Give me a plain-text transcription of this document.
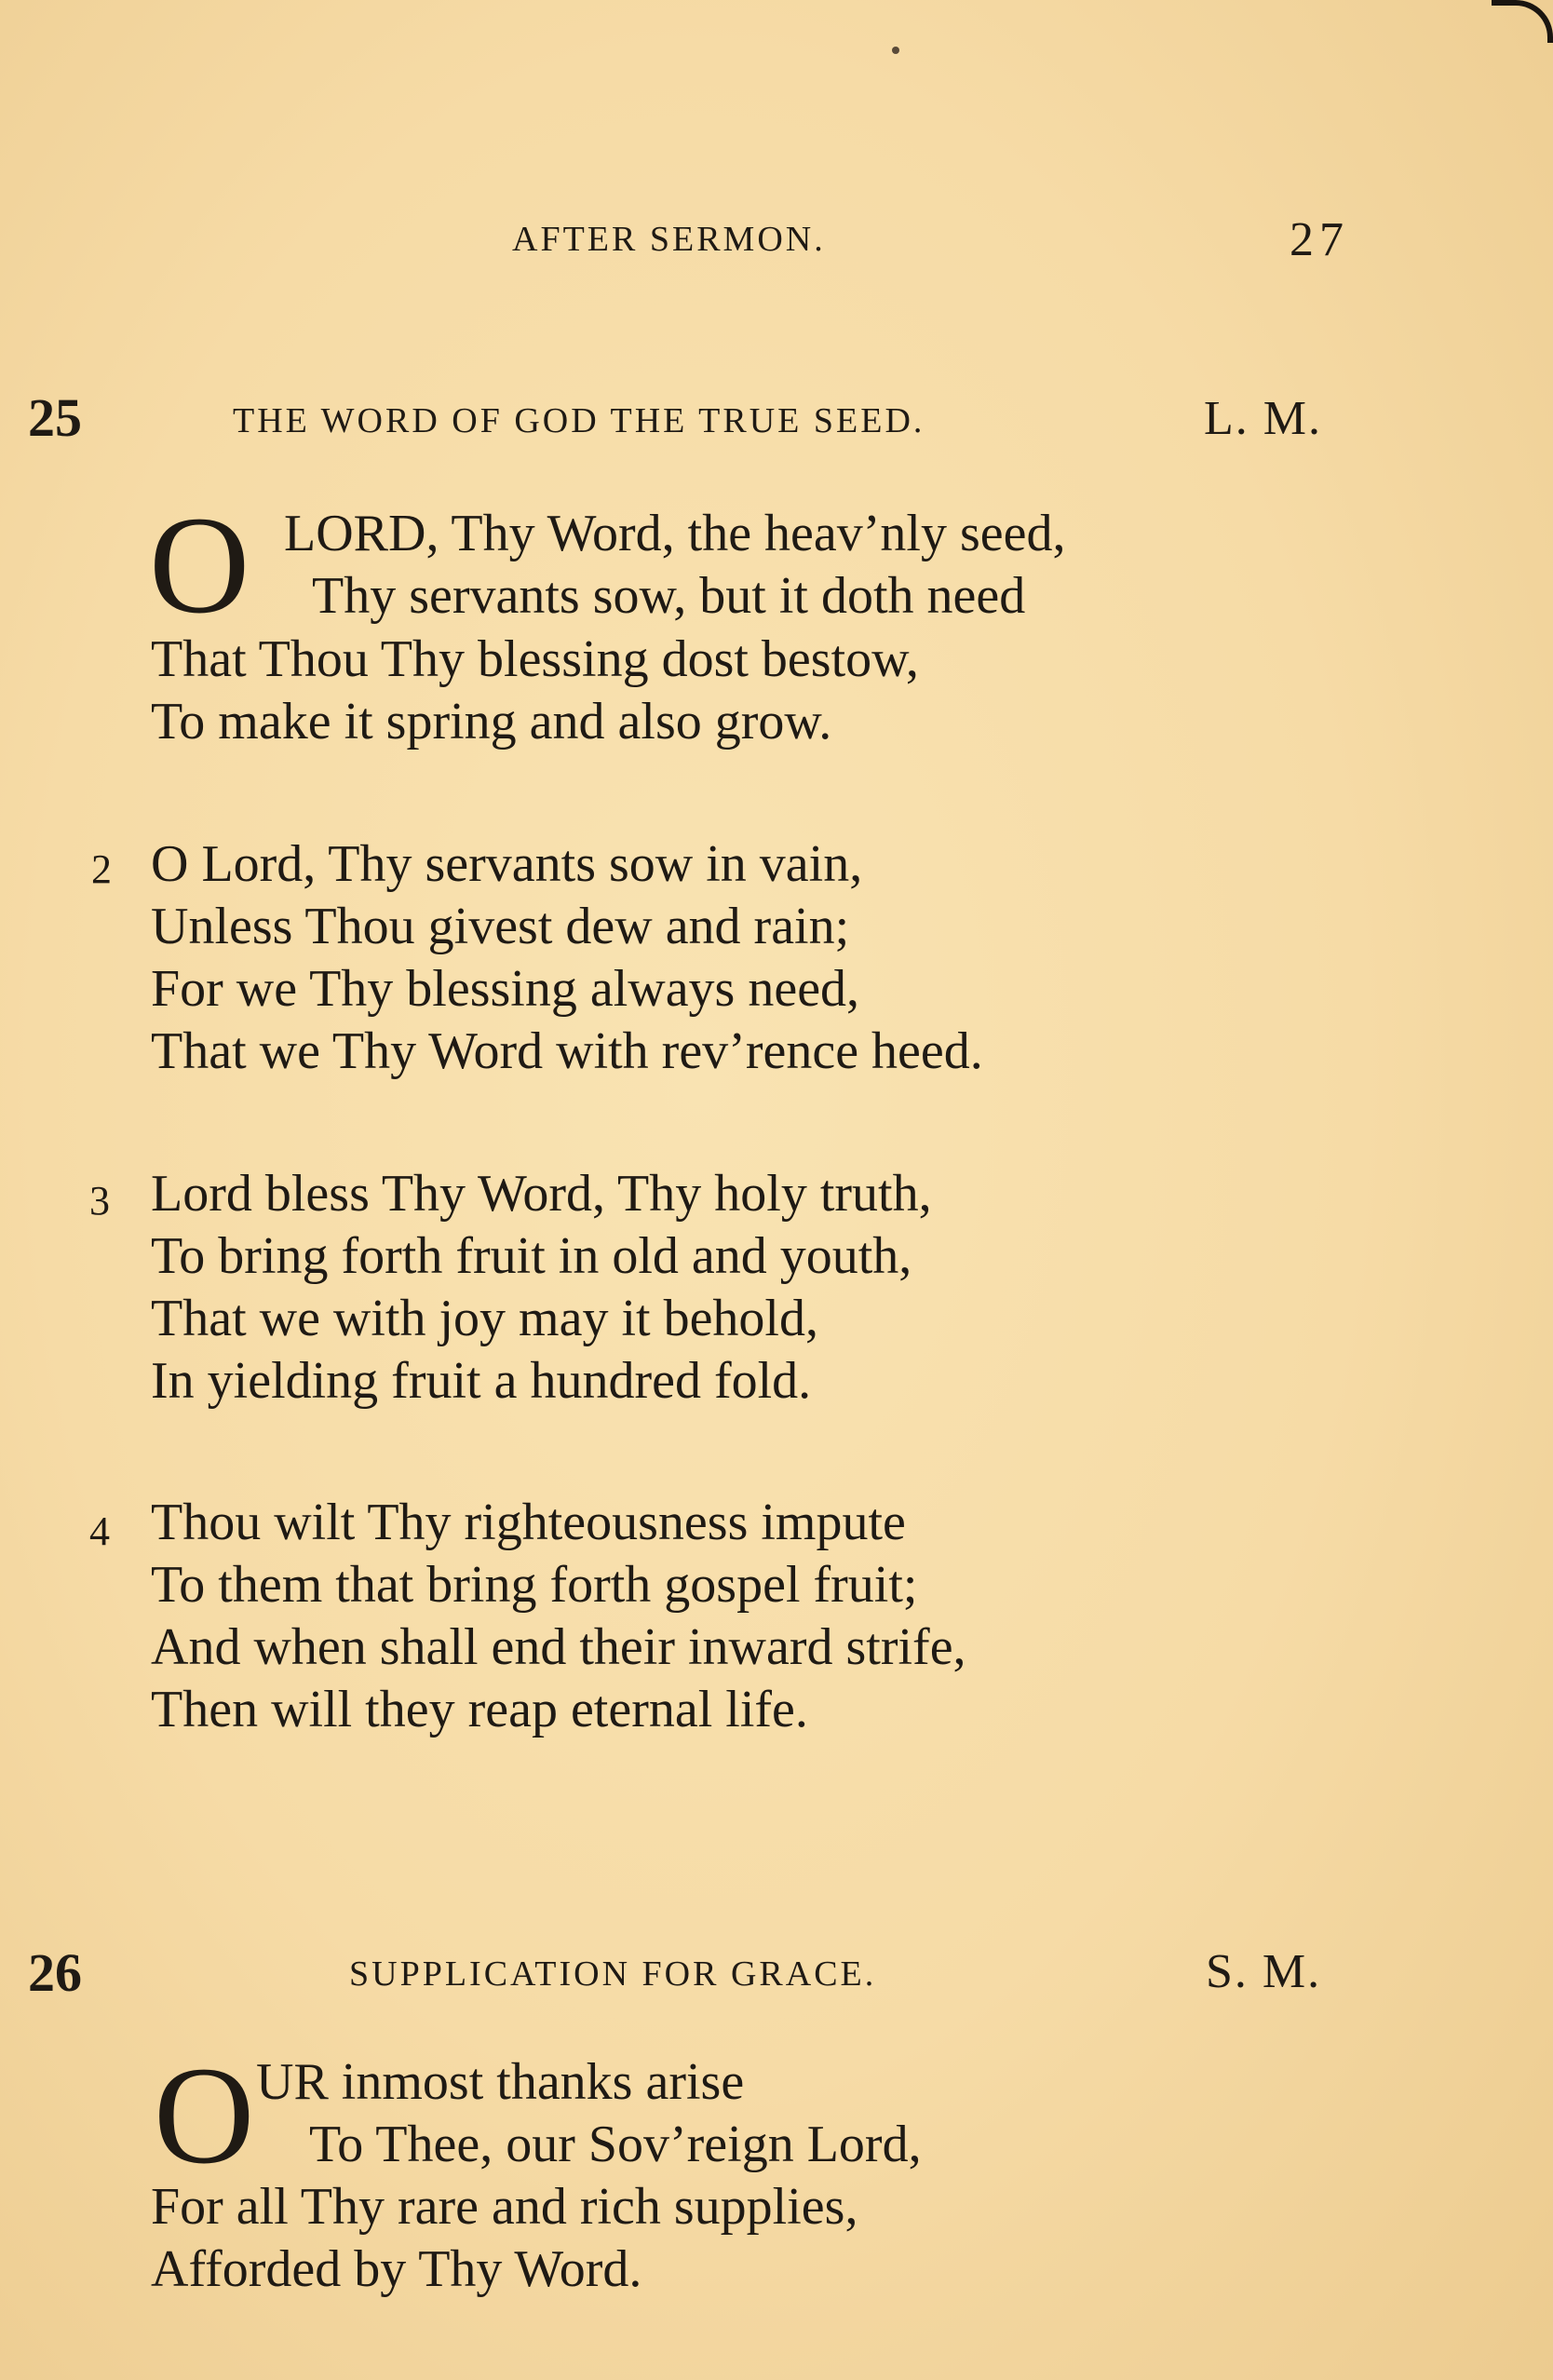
AFTER SERMON.	27
25	THE WORD OF GOD THE TRUE SEED.	L. M.
O LORD, Thy Word, the heav’nly seed,
Thy servants sow, but it doth need
That Thou Thy blessing dost bestow,
To make it spring and also grow.
2 O Lord, Thy servants sow in vain,
Unless Thou givest dew and rain;
For we Thy blessing always need,
That we Thy Word with rev’rence heed.
3 Lord bless Thy Word, Thy holy truth,
To bring forth fruit in old and youth,
That we with joy may it behold,
In yielding fruit a hundred fold.
4 Thou wilt Thy righteousness impute
To them that bring forth gospel fruit;
And when shall end their inward strife,
Then will they reap eternal life.
26	SUPPLICATION FOR GRACE.	S. M.
O UR inmost thanks arise
To Thee, our Sov’reign Lord,
For all Thy rare and rich supplies,
Afforded by Thy Word.
